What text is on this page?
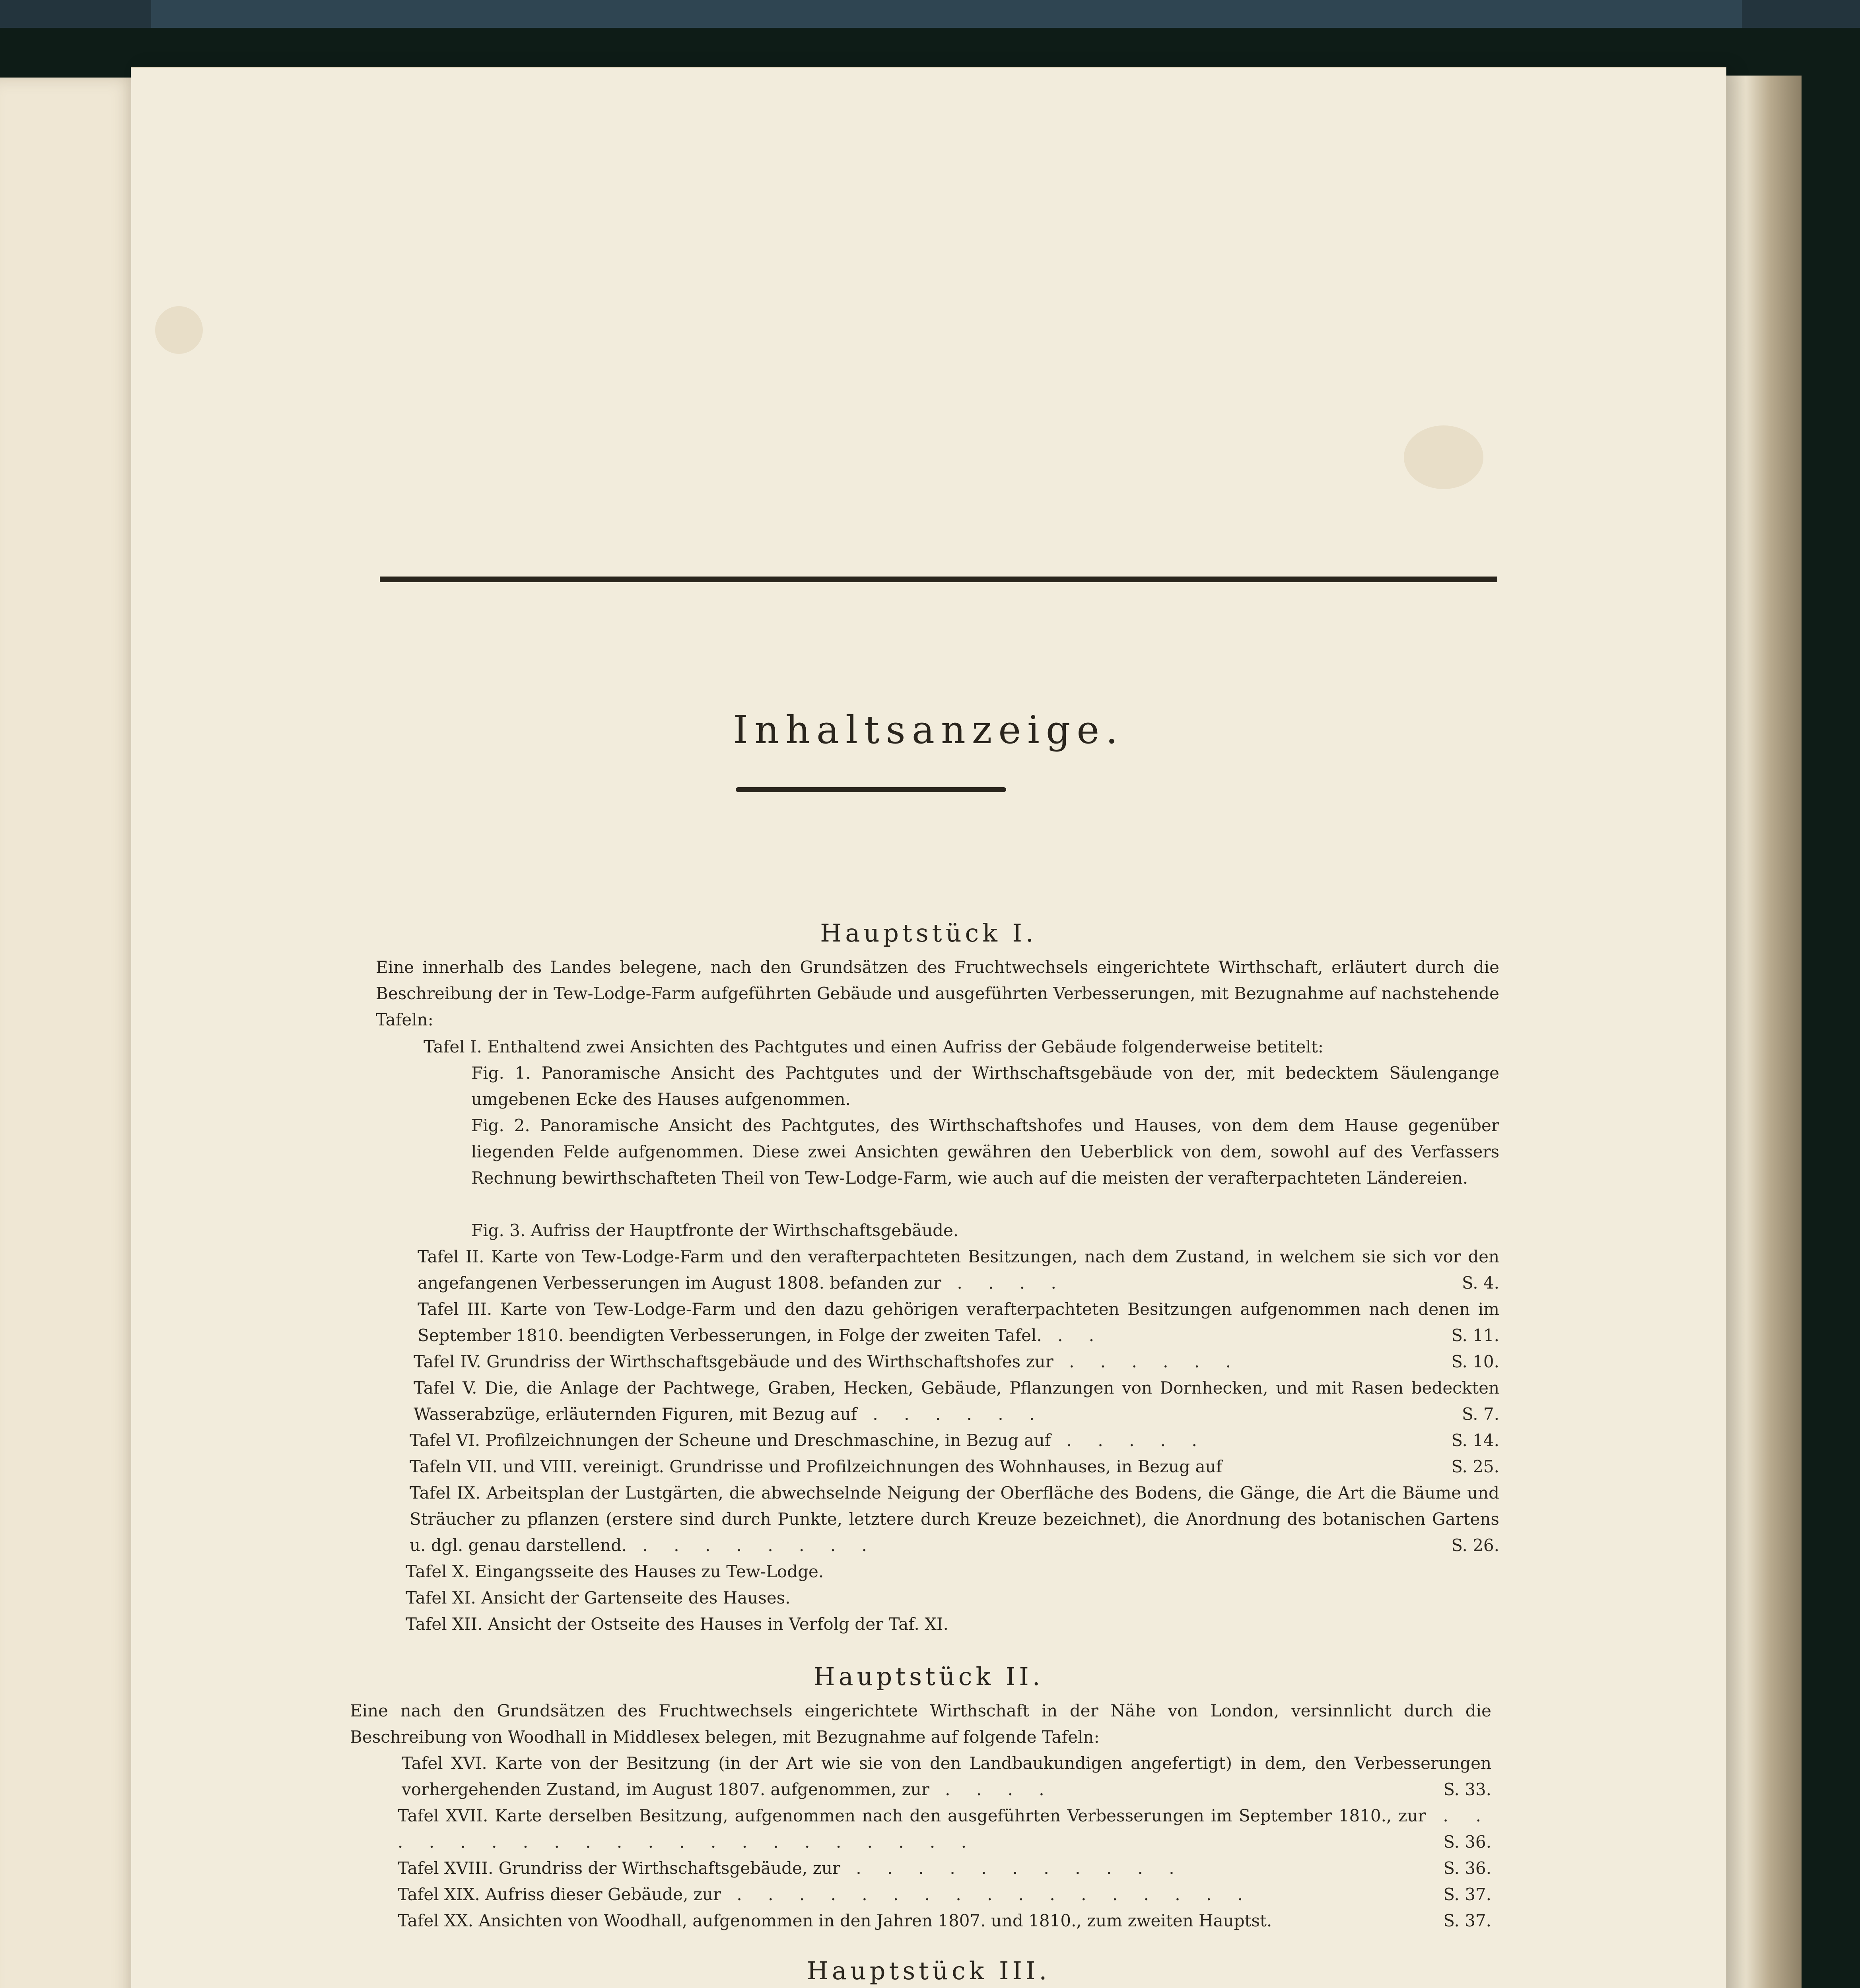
Inhaltsanzeige.
Hauptstück I.
Eine innerhalb des Landes belegene, nach den Grundsätzen des Fruchtwechsels eingerichtete Wirthschaft, erläutert durch die Beschreibung der in Tew-Lodge-Farm aufgeführten Gebäude und ausgeführten Verbesserungen, mit Bezugnahme auf nachstehende Tafeln:
Tafel I. Enthaltend zwei Ansichten des Pachtgutes und einen Aufriss der Gebäude folgenderweise betitelt:
Fig. 1. Panoramische Ansicht des Pachtgutes und der Wirthschaftsgebäude von der, mit bedecktem Säulengange umgebenen Ecke des Hauses aufgenommen.
Fig. 2. Panoramische Ansicht des Pachtgutes, des Wirthschaftshofes und Hauses, von dem dem Hause gegenüber liegenden Felde aufgenommen. Diese zwei Ansichten gewähren den Ueberblick von dem, sowohl auf des Verfassers Rechnung bewirthschafteten Theil von Tew-Lodge-Farm, wie auch auf die meisten der verafterpachteten Ländereien.
Fig. 3. Aufriss der Hauptfronte der Wirthschaftsgebäude.
Tafel II. Karte von Tew-Lodge-Farm und den verafterpachteten Besitzungen, nach dem Zustand, in welchem sie sich vor den angefangenen Verbesserungen im August 1808. befanden zur . . . .	S. 4.
Tafel III. Karte von Tew-Lodge-Farm und den dazu gehörigen verafterpachteten Besitzungen aufgenommen nach denen im September 1810. beendigten Verbesserungen, in Folge der zweiten Tafel. . .	S. 11.
Tafel IV. Grundriss der Wirthschaftsgebäude und des Wirthschaftshofes zur . . . . . .	S. 10.
Tafel V. Die, die Anlage der Pachtwege, Graben, Hecken, Gebäude, Pflanzungen von Dornhecken, und mit Rasen bedeckten Wasserabzüge, erläuternden Figuren, mit Bezug auf . . . . . .	S. 7.
Tafel VI. Profilzeichnungen der Scheune und Dreschmaschine, in Bezug auf . . . . .	S. 14.
Tafeln VII. und VIII. vereinigt. Grundrisse und Profilzeichnungen des Wohnhauses, in Bezug auf	S. 25.
Tafel IX. Arbeitsplan der Lustgärten, die abwechselnde Neigung der Oberfläche des Bodens, die Gänge, die Art die Bäume und Sträucher zu pflanzen (erstere sind durch Punkte, letztere durch Kreuze bezeichnet), die Anordnung des botanischen Gartens u. dgl. genau darstellend. . . . . . . . .	S. 26.
Tafel X. Eingangsseite des Hauses zu Tew-Lodge.
Tafel XI. Ansicht der Gartenseite des Hauses.
Tafel XII. Ansicht der Ostseite des Hauses in Verfolg der Taf. XI.
Hauptstück II.
Eine nach den Grundsätzen des Fruchtwechsels eingerichtete Wirthschaft in der Nähe von London, versinnlicht durch die Beschreibung von Woodhall in Middlesex belegen, mit Bezugnahme auf folgende Tafeln:
Tafel XVI. Karte von der Besitzung (in der Art wie sie von den Landbaukundigen angefertigt) in dem, den Verbesserungen vorhergehenden Zustand, im August 1807. aufgenommen, zur . . . .	S. 33.
Tafel XVII. Karte derselben Besitzung, aufgenommen nach den ausgeführten Verbesserungen im September 1810., zur . . . . . . . . . . . . . . . . . . . . .	S. 36.
Tafel XVIII. Grundriss der Wirthschaftsgebäude, zur . . . . . . . . . . .	S. 36.
Tafel XIX. Aufriss dieser Gebäude, zur . . . . . . . . . . . . . . . . .	S. 37.
Tafel XX. Ansichten von Woodhall, aufgenommen in den Jahren 1807. und 1810., zum zweiten Hauptst.	S. 37.
Hauptstück III.
